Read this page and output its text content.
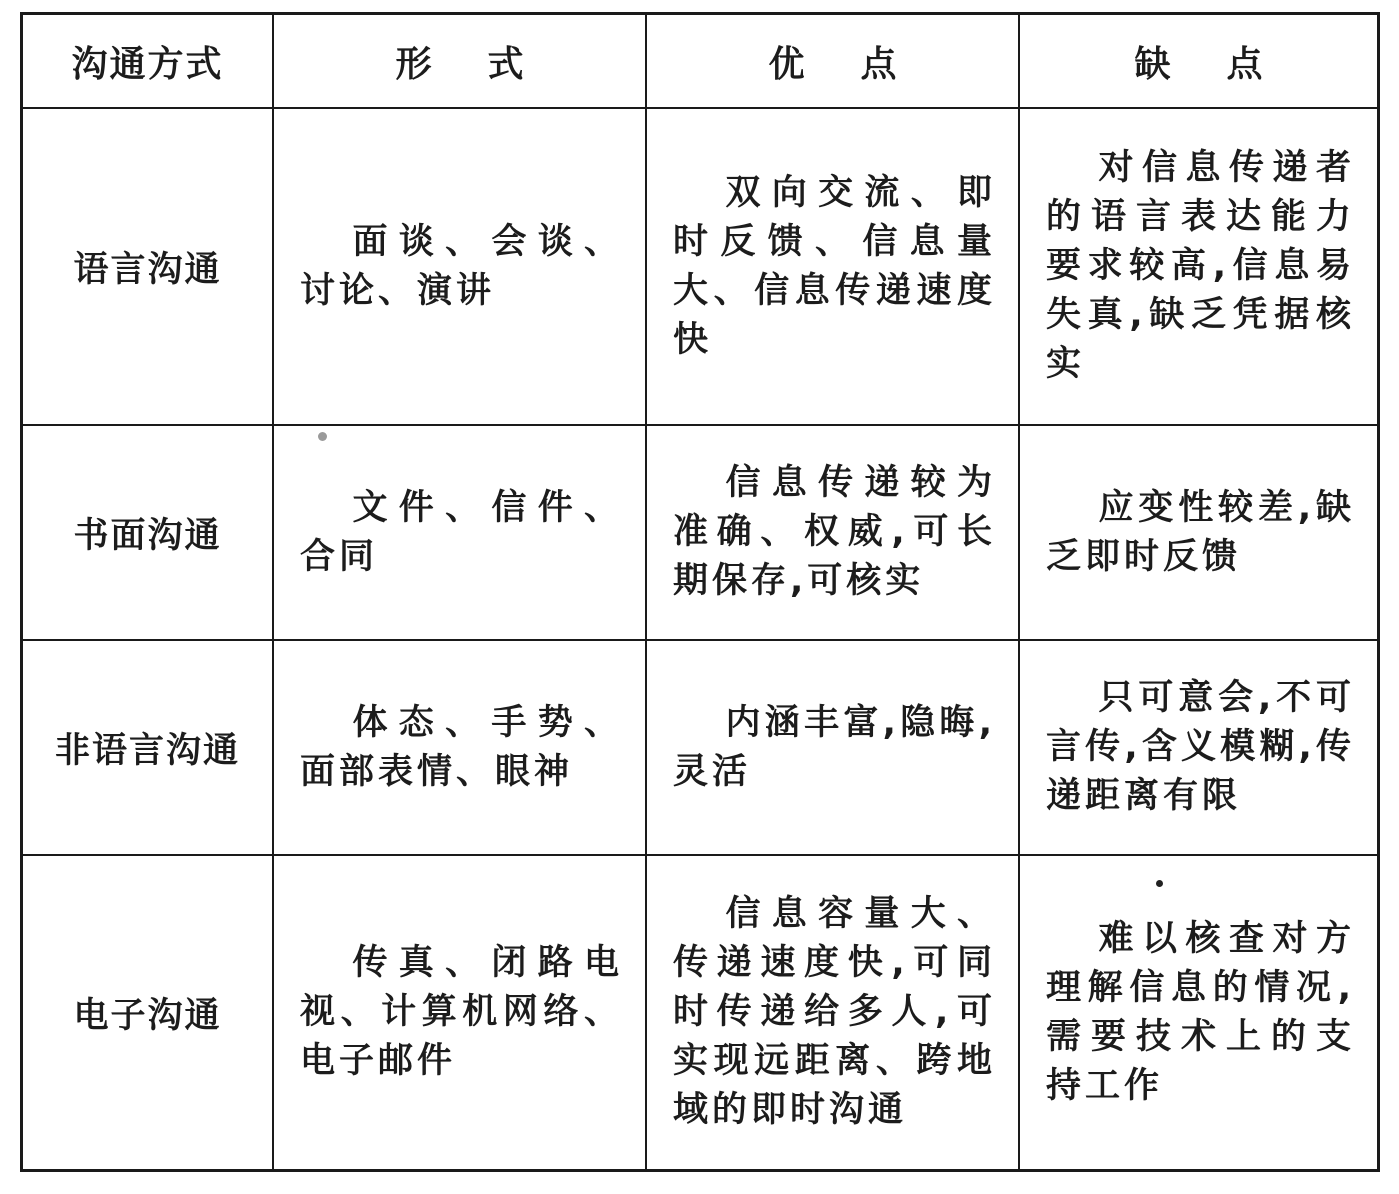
沟通方式	形式	优点	缺点
语言沟通	面谈、会谈、讨论、演讲	双向交流、即时反馈、信息量大、信息传递速度快	对信息传递者的语言表达能力要求较高,信息易失真,缺乏凭据核实

书面沟通	文件、信件、合同	信息传递较为准确、权威,可长期保存,可核实	应变性较差,缺乏即时反馈

非语言沟通	体态、手势、面部表情、眼神	内涵丰富,隐晦,灵活	只可意会,不可言传,含义模糊,传递距离有限

电子沟通	传真、闭路电视、计算机网络、电子邮件	信息容量大、传递速度快,可同时传递给多人,可实现远距离、跨地域的即时沟通	难以核查对方理解信息的情况,需要技术上的支持工作
